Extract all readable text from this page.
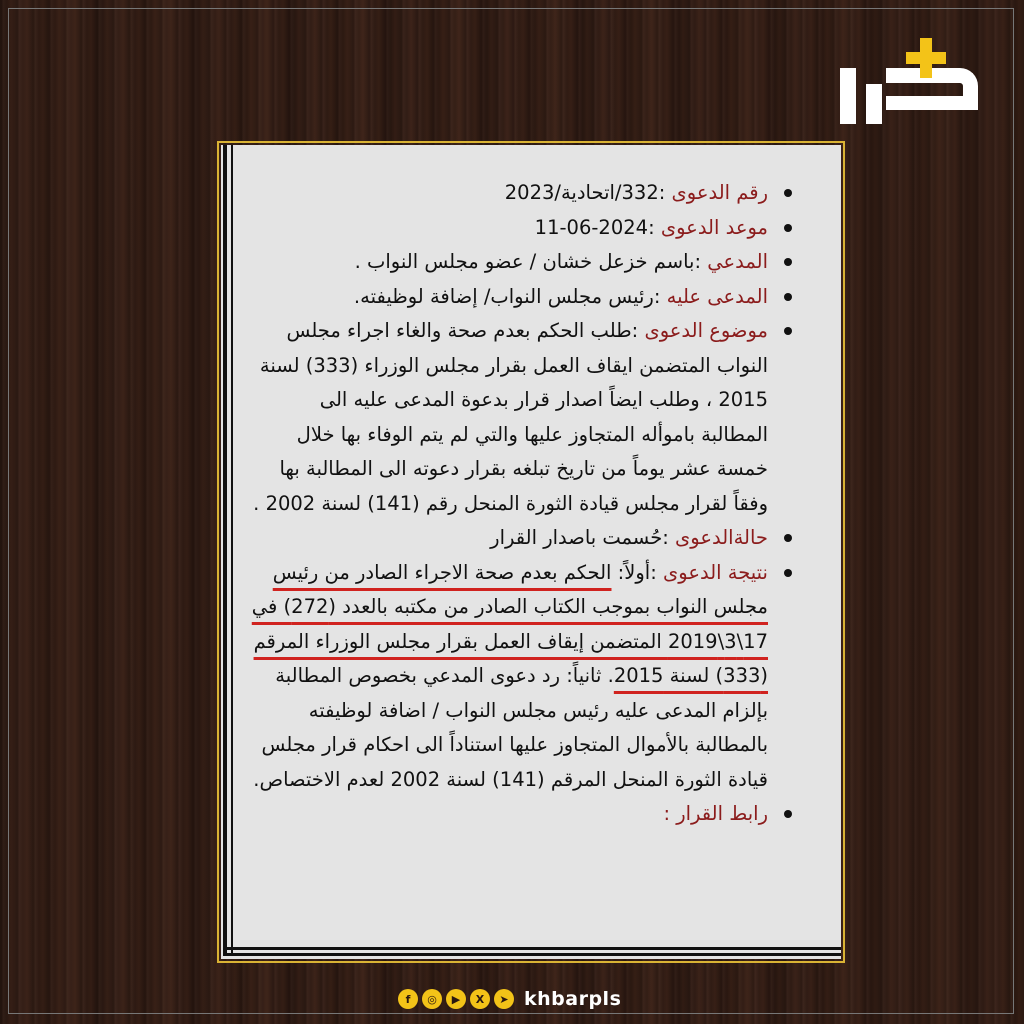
رقم الدعوى :332/اتحادية/2023
موعد الدعوى :2024-06-11
المدعي :باسم خزعل خشان / عضو مجلس النواب .
المدعى عليه :رئيس مجلس النواب/ إضافة لوظيفته.
موضوع الدعوى :طلب الحكم بعدم صحة والغاء اجراء مجلس النواب المتضمن ايقاف العمل بقرار مجلس الوزراء (333) لسنة 2015 ، وطلب ايضاً اصدار قرار بدعوة المدعى عليه الى المطالبة باموأله المتجاوز عليها والتي لم يتم الوفاء بها خلال خمسة عشر يوماً من تاريخ تبلغه بقرار دعوته الى المطالبة بها وفقاً لقرار مجلس قيادة الثورة المنحل رقم (141) لسنة 2002 .
حالةالدعوى :حُسمت باصدار القرار
نتيجة الدعوى :أولاً: الحكم بعدم صحة الاجراء الصادر من رئيس مجلس النواب بموجب الكتاب الصادر من مكتبه بالعدد (272) في 17\3\2019 المتضمن إيقاف العمل بقرار مجلس الوزراء المرقم (333) لسنة 2015. ثانياً: رد دعوى المدعي بخصوص المطالبة بإلزام المدعى عليه رئيس مجلس النواب / اضافة لوظيفته بالمطالبة بالأموال المتجاوز عليها استناداً الى احكام قرار مجلس قيادة الثورة المنحل المرقم (141) لسنة 2002 لعدم الاختصاص.
رابط القرار :
f	◎	▶	X	➤ khbarpls
